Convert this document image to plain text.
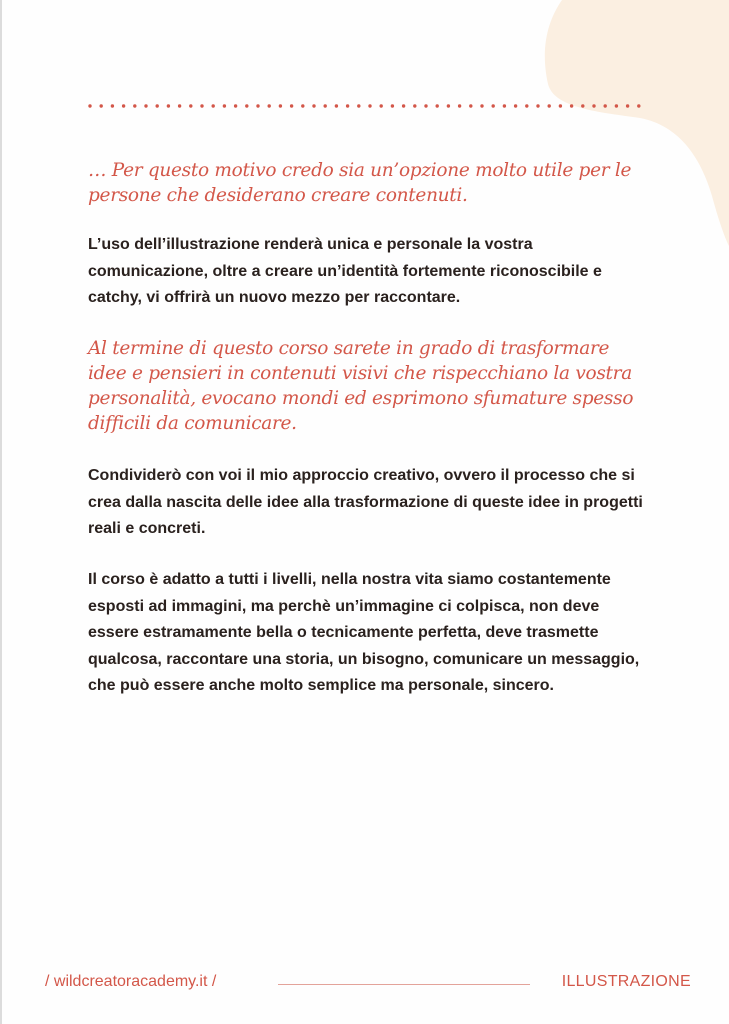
… Per questo motivo credo sia un’opzione molto utile per le persone che desiderano creare contenuti.

L’uso dell’illustrazione renderà unica e personale la vostra comunicazione, oltre a creare un’identità fortemente riconoscibile e catchy, vi offrirà un nuovo mezzo per raccontare.

Al termine di questo corso sarete in grado di trasformare idee e pensieri in contenuti visivi che rispecchiano la vostra personalità, evocano mondi ed esprimono sfumature spesso difficili da comunicare.

Condividerò con voi il mio approccio creativo, ovvero il processo che si crea dalla nascita delle idee alla trasformazione di queste idee in progetti reali e concreti.

Il corso è adatto a tutti i livelli, nella nostra vita siamo costantemente esposti ad immagini, ma perchè un’immagine ci colpisca, non deve essere estramamente bella o tecnicamente perfetta, deve trasmette qualcosa, raccontare una storia, un bisogno, comunicare un messaggio, che può essere anche molto semplice ma personale, sincero.

/ wildcreatoracademy.it /	ILLUSTRAZIONE
